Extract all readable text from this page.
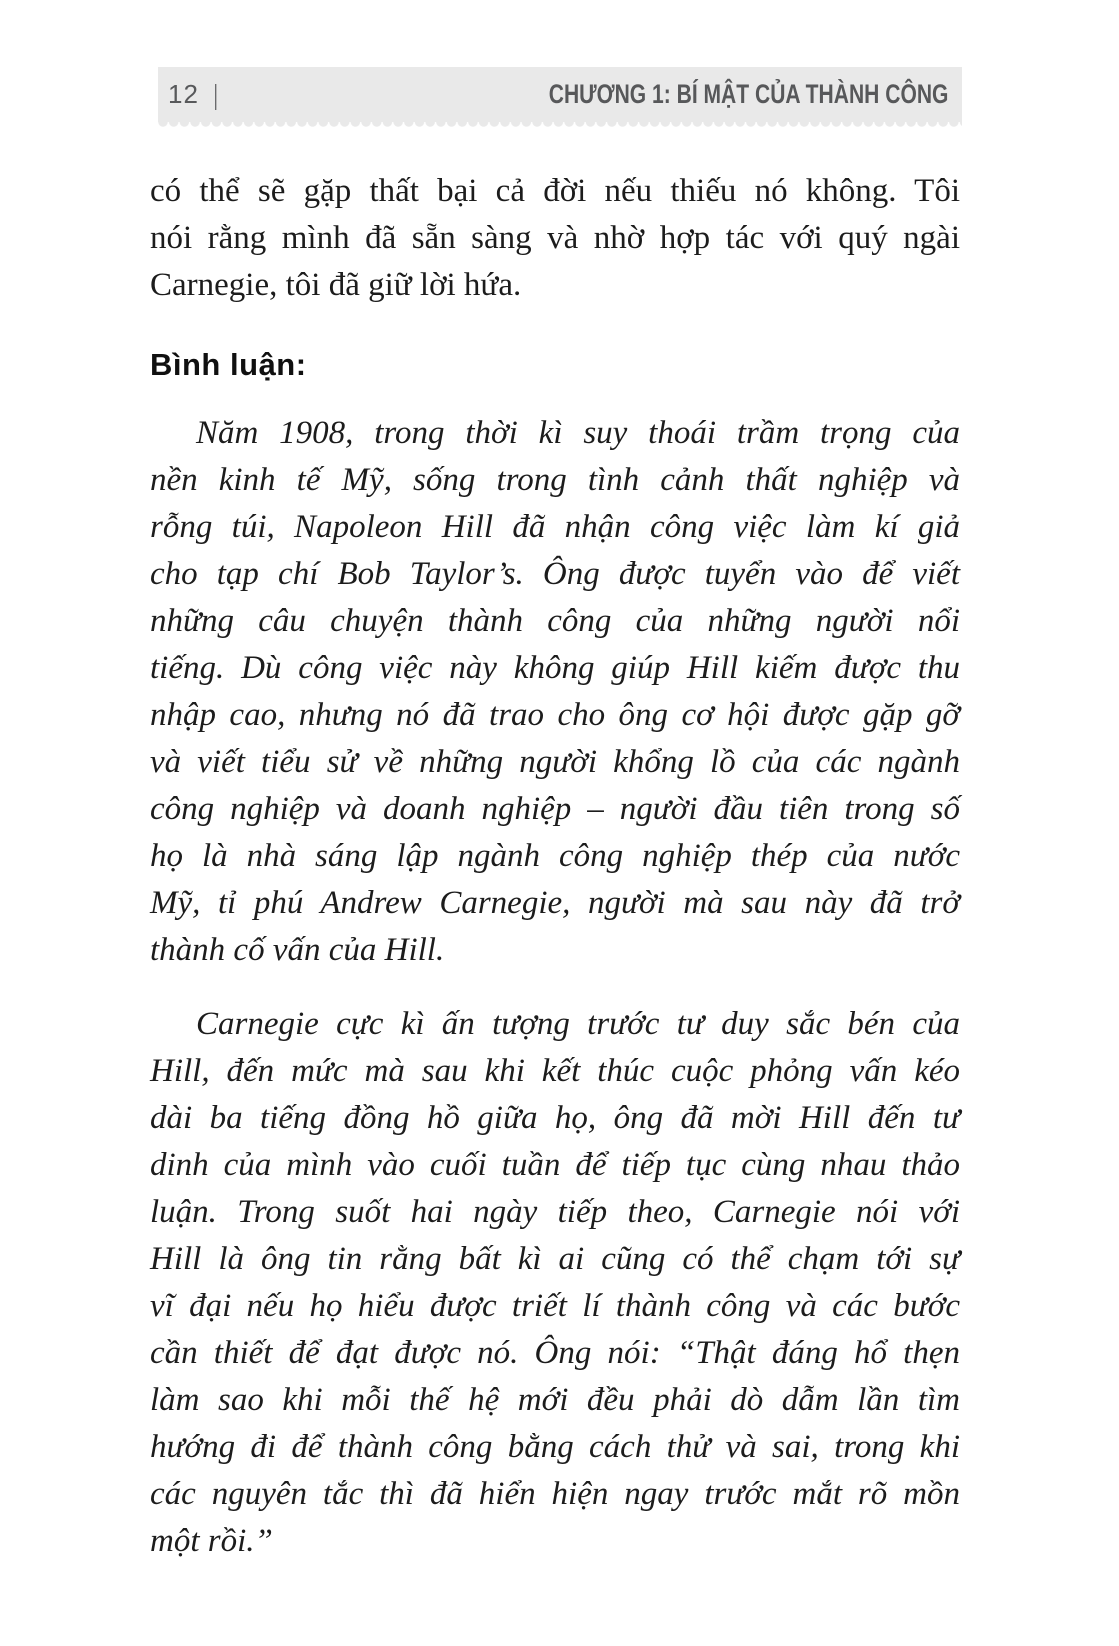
12 |	CHƯƠNG 1: BÍ MẬT CỦA THÀNH CÔNG
có thể sẽ gặp thất bại cả đời nếu thiếu nó không. Tôi
nói rằng mình đã sẵn sàng và nhờ hợp tác với quý ngài
Carnegie, tôi đã giữ lời hứa.
Bình luận:
Năm 1908, trong thời kì suy thoái trầm trọng của
nền kinh tế Mỹ, sống trong tình cảnh thất nghiệp và
rỗng túi, Napoleon Hill đã nhận công việc làm kí giả
cho tạp chí Bob Taylor’s. Ông được tuyển vào để viết
những câu chuyện thành công của những người nổi
tiếng. Dù công việc này không giúp Hill kiếm được thu
nhập cao, nhưng nó đã trao cho ông cơ hội được gặp gỡ
và viết tiểu sử về những người khổng lồ của các ngành
công nghiệp và doanh nghiệp – người đầu tiên trong số
họ là nhà sáng lập ngành công nghiệp thép của nước
Mỹ, tỉ phú Andrew Carnegie, người mà sau này đã trở
thành cố vấn của Hill.
Carnegie cực kì ấn tượng trước tư duy sắc bén của
Hill, đến mức mà sau khi kết thúc cuộc phỏng vấn kéo
dài ba tiếng đồng hồ giữa họ, ông đã mời Hill đến tư
dinh của mình vào cuối tuần để tiếp tục cùng nhau thảo
luận. Trong suốt hai ngày tiếp theo, Carnegie nói với
Hill là ông tin rằng bất kì ai cũng có thể chạm tới sự
vĩ đại nếu họ hiểu được triết lí thành công và các bước
cần thiết để đạt được nó. Ông nói: “Thật đáng hổ thẹn
làm sao khi mỗi thế hệ mới đều phải dò dẫm lần tìm
hướng đi để thành công bằng cách thử và sai, trong khi
các nguyên tắc thì đã hiển hiện ngay trước mắt rõ mồn
một rồi.”
